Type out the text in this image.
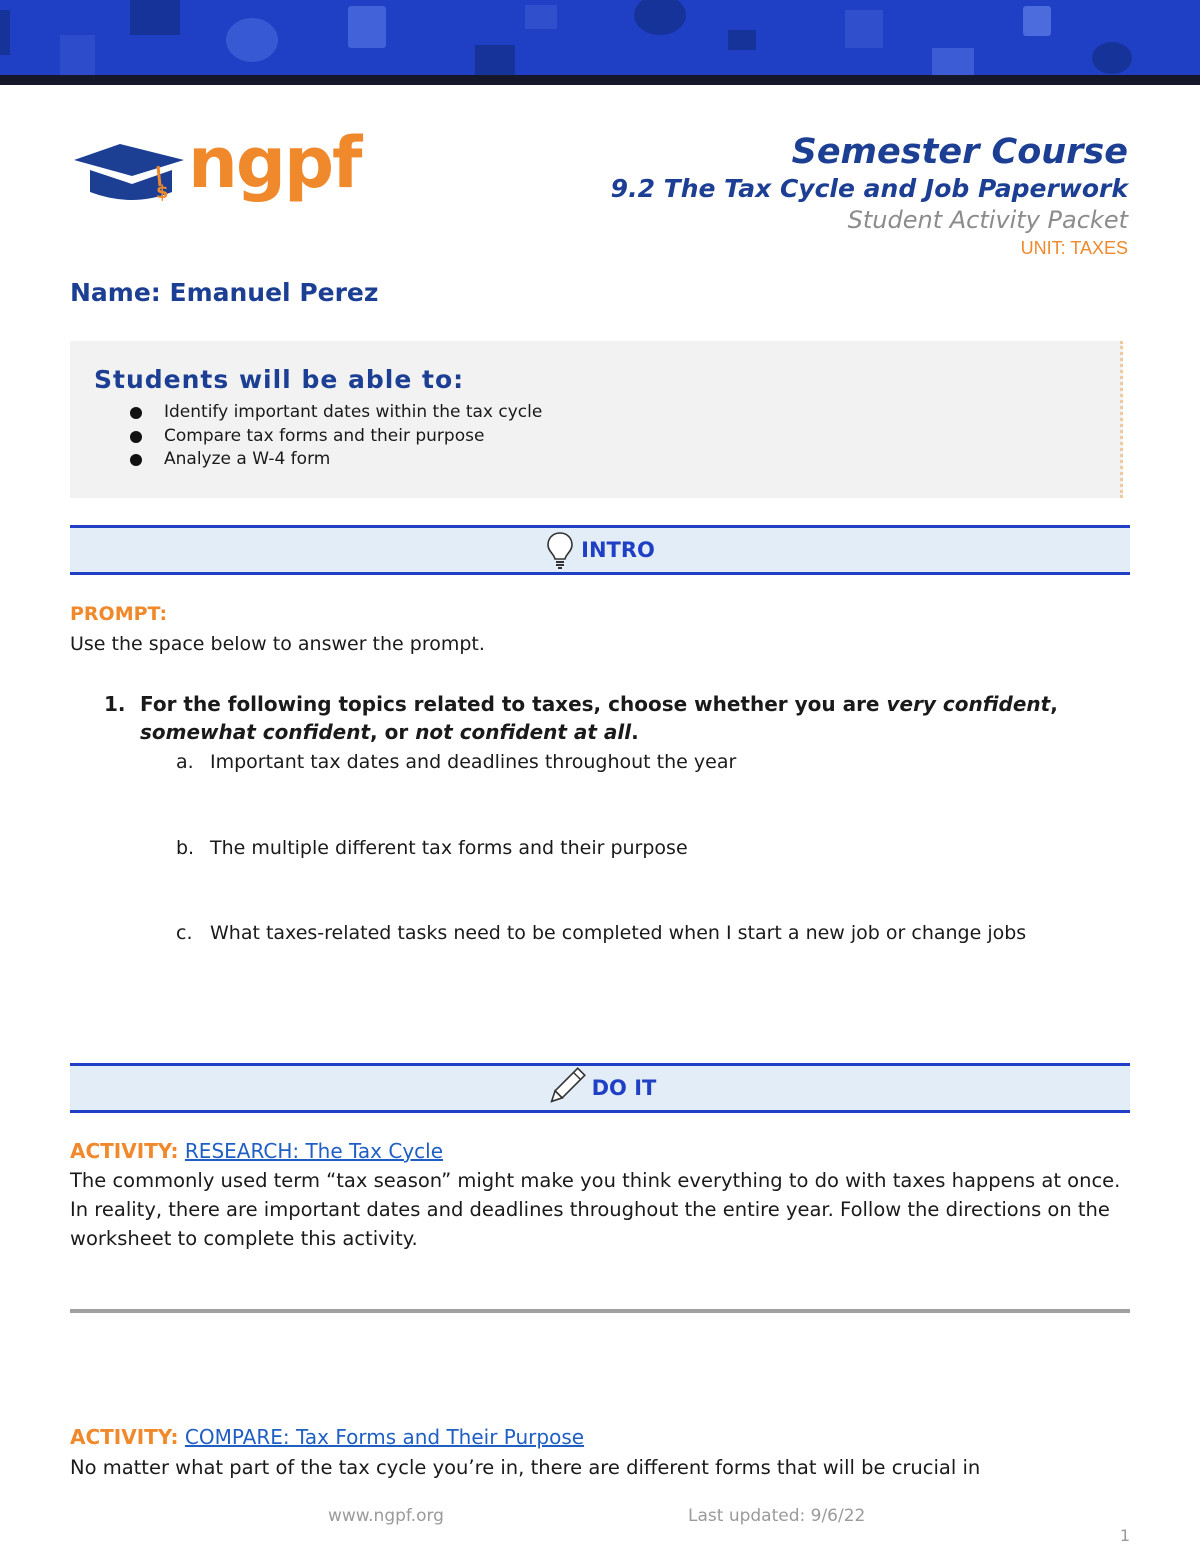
$ ngpf	Semester Course
9.2 The Tax Cycle and Job Paperwork
Student Activity Packet
UNIT: TAXES
Name: Emanuel Perez
Students will be able to:
Identify important dates within the tax cycle
Compare tax forms and their purpose
Analyze a W-4 form
INTRO
PROMPT:
Use the space below to answer the prompt.
1. For the following topics related to taxes, choose whether you are very confident, somewhat confident, or not confident at all.
a. Important tax dates and deadlines throughout the year
b. The multiple different tax forms and their purpose
c. What taxes-related tasks need to be completed when I start a new job or change jobs
DO IT
ACTIVITY: RESEARCH: The Tax Cycle
The commonly used term “tax season” might make you think everything to do with taxes happens at once. In reality, there are important dates and deadlines throughout the entire year. Follow the directions on the worksheet to complete this activity.
ACTIVITY: COMPARE: Tax Forms and Their Purpose
No matter what part of the tax cycle you’re in, there are different forms that will be crucial in
www.ngpf.org	Last updated: 9/6/22
1
